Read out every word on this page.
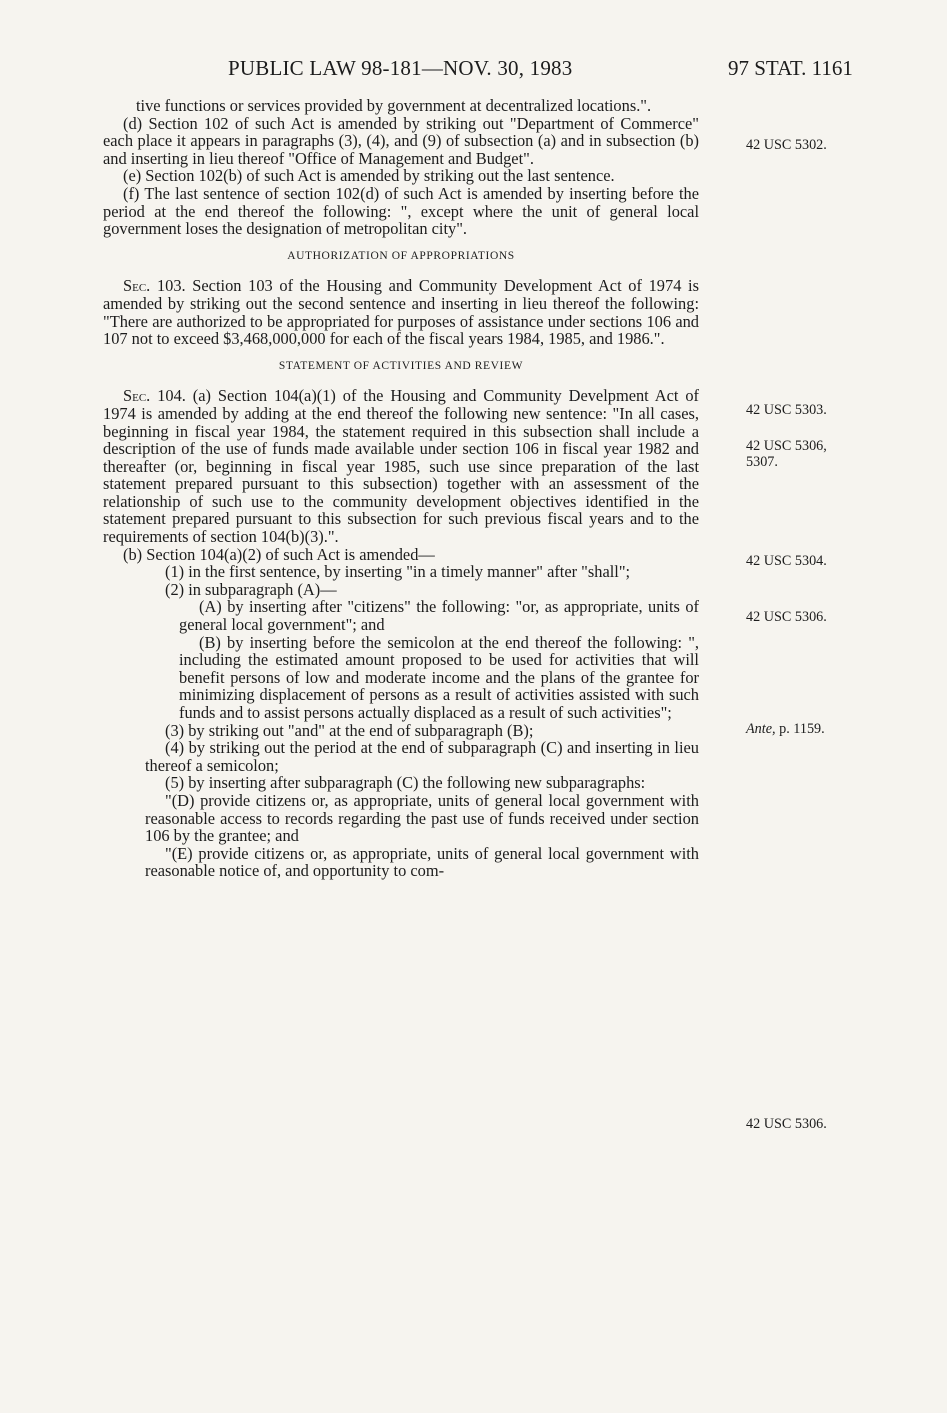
PUBLIC LAW 98-181—NOV. 30, 1983	97 STAT. 1161

tive functions or services provided by government at decentralized locations.".

(d) Section 102 of such Act is amended by striking out "Department of Commerce" each place it appears in paragraphs (3), (4), and (9) of subsection (a) and in subsection (b) and inserting in lieu thereof "Office of Management and Budget".

(e) Section 102(b) of such Act is amended by striking out the last sentence.

(f) The last sentence of section 102(d) of such Act is amended by inserting before the period at the end thereof the following: ", except where the unit of general local government loses the designation of metropolitan city".

AUTHORIZATION OF APPROPRIATIONS

Sec. 103. Section 103 of the Housing and Community Development Act of 1974 is amended by striking out the second sentence and inserting in lieu thereof the following: "There are authorized to be appropriated for purposes of assistance under sections 106 and 107 not to exceed $3,468,000,000 for each of the fiscal years 1984, 1985, and 1986.".

STATEMENT OF ACTIVITIES AND REVIEW

Sec. 104. (a) Section 104(a)(1) of the Housing and Community Develpment Act of 1974 is amended by adding at the end thereof the following new sentence: "In all cases, beginning in fiscal year 1984, the statement required in this subsection shall include a description of the use of funds made available under section 106 in fiscal year 1982 and thereafter (or, beginning in fiscal year 1985, such use since preparation of the last statement prepared pursuant to this subsection) together with an assessment of the relationship of such use to the community development objectives identified in the statement prepared pursuant to this subsection for such previous fiscal years and to the requirements of section 104(b)(3).".

(b) Section 104(a)(2) of such Act is amended—

(1) in the first sentence, by inserting "in a timely manner" after "shall";

(2) in subparagraph (A)—

(A) by inserting after "citizens" the following: "or, as appropriate, units of general local government"; and

(B) by inserting before the semicolon at the end thereof the following: ", including the estimated amount proposed to be used for activities that will benefit persons of low and moderate income and the plans of the grantee for minimizing displacement of persons as a result of activities assisted with such funds and to assist persons actually displaced as a result of such activities";

(3) by striking out "and" at the end of subparagraph (B);

(4) by striking out the period at the end of subparagraph (C) and inserting in lieu thereof a semicolon;

(5) by inserting after subparagraph (C) the following new subparagraphs:

"(D) provide citizens or, as appropriate, units of general local government with reasonable access to records regarding the past use of funds received under section 106 by the grantee; and

"(E) provide citizens or, as appropriate, units of general local government with reasonable notice of, and opportunity to com-

42 USC 5302.
42 USC 5303.
42 USC 5306,
5307.
42 USC 5304.
42 USC 5306.
Ante, p. 1159.
42 USC 5306.
